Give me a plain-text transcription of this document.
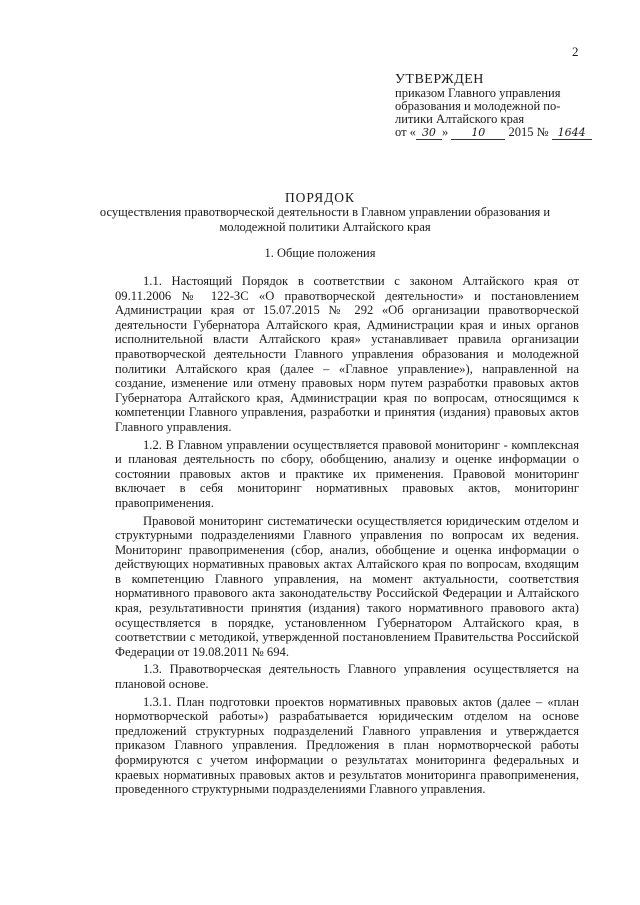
2
УТВЕРЖДЕН
приказом Главного управления
образования и молодежной по-
литики Алтайского края
от « 30 » 10 2015 № 1644
ПОРЯДОК
осуществления правотворческой деятельности в Главном управлении образования и молодежной политики Алтайского края
1. Общие положения

1.1. Настоящий Порядок в соответствии с законом Алтайского края от 09.11.2006 № 122-ЗС «О правотворческой деятельности» и постановлением Администрации края от 15.07.2015 № 292 «Об организации правотворческой деятельности Губернатора Алтайского края, Администрации края и иных органов исполнительной власти Алтайского края» устанавливает правила организации правотворческой деятельности Главного управления образования и молодежной политики Алтайского края (далее – «Главное управление»), направленной на создание, изменение или отмену правовых норм путем разработки правовых актов Губернатора Алтайского края, Администрации края по вопросам, относящимся к компетенции Главного управления, разработки и принятия (издания) правовых актов Главного управления.

1.2. В Главном управлении осуществляется правовой мониторинг - комплексная и плановая деятельность по сбору, обобщению, анализу и оценке информации о состоянии правовых актов и практике их применения. Правовой мониторинг включает в себя мониторинг нормативных правовых актов, мониторинг правоприменения.

Правовой мониторинг систематически осуществляется юридическим отделом и структурными подразделениями Главного управления по вопросам их ведения. Мониторинг правоприменения (сбор, анализ, обобщение и оценка информации о действующих нормативных правовых актах Алтайского края по вопросам, входящим в компетенцию Главного управления, на момент актуальности, соответствия нормативного правового акта законодательству Российской Федерации и Алтайского края, результативности принятия (издания) такого нормативного правового акта) осуществляется в порядке, установленном Губернатором Алтайского края, в соответствии с методикой, утвержденной постановлением Правительства Российской Федерации от 19.08.2011 № 694.

1.3. Правотворческая деятельность Главного управления осуществляется на плановой основе.

1.3.1. План подготовки проектов нормативных правовых актов (далее – «план нормотворческой работы») разрабатывается юридическим отделом на основе предложений структурных подразделений Главного управления и утверждается приказом Главного управления. Предложения в план нормотворческой работы формируются с учетом информации о результатах мониторинга федеральных и краевых нормативных правовых актов и результатов мониторинга правоприменения, проведенного структурными подразделениями Главного управления.
